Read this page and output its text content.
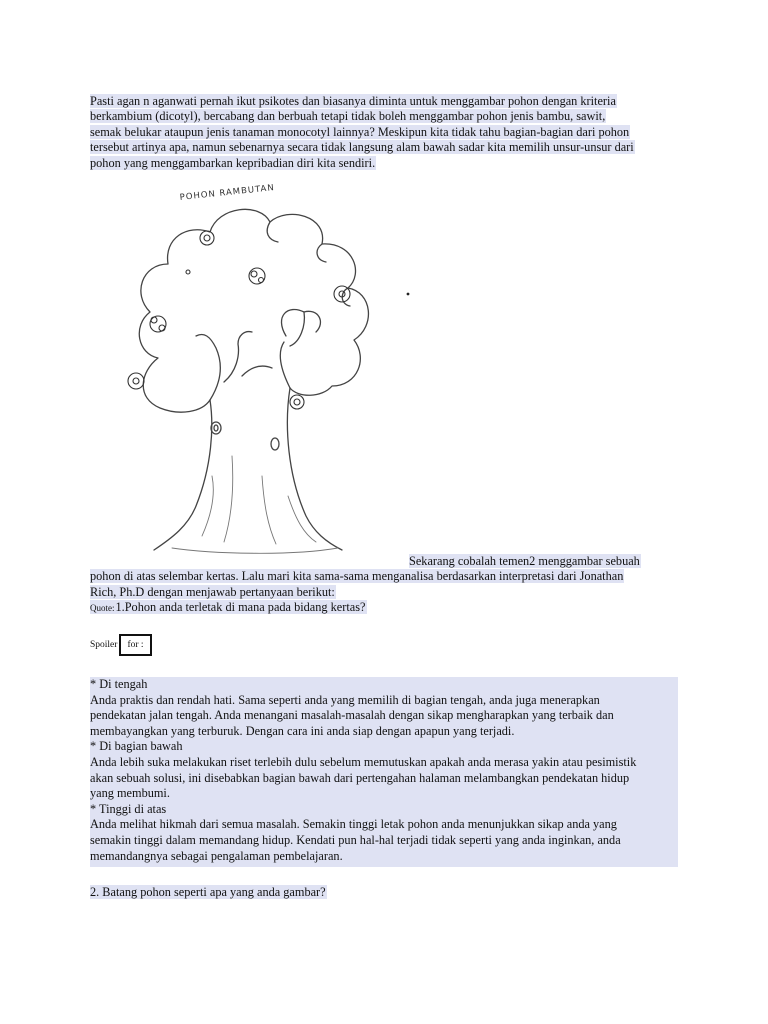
Pasti agan n aganwati pernah ikut psikotes dan biasanya diminta untuk menggambar pohon dengan kriteria
berkambium (dicotyl), bercabang dan berbuah tetapi tidak boleh menggambar pohon jenis bambu, sawit,
semak belukar ataupun jenis tanaman monocotyl lainnya? Meskipun kita tidak tahu bagian-bagian dari pohon
tersebut artinya apa, namun sebenarnya secara tidak langsung alam bawah sadar kita memilih unsur-unsur dari
pohon yang menggambarkan kepribadian diri kita sendiri.
POHON RAMBUTAN
Sekarang cobalah temen2 menggambar sebuah
pohon di atas selembar kertas. Lalu mari kita sama-sama menganalisa berdasarkan interpretasi dari Jonathan
Rich, Ph.D dengan menjawab pertanyaan berikut:
Quote:1.Pohon anda terletak di mana pada bidang kertas?
Spoiler	for :
* Di tengah
Anda praktis dan rendah hati. Sama seperti anda yang memilih di bagian tengah, anda juga menerapkan
pendekatan jalan tengah. Anda menangani masalah-masalah dengan sikap mengharapkan yang terbaik dan
membayangkan yang terburuk. Dengan cara ini anda siap dengan apapun yang terjadi.
* Di bagian bawah
Anda lebih suka melakukan riset terlebih dulu sebelum memutuskan apakah anda merasa yakin atau pesimistik
akan sebuah solusi, ini disebabkan bagian bawah dari pertengahan halaman melambangkan pendekatan hidup
yang membumi.
* Tinggi di atas
Anda melihat hikmah dari semua masalah. Semakin tinggi letak pohon anda menunjukkan sikap anda yang
semakin tinggi dalam memandang hidup. Kendati pun hal-hal terjadi tidak seperti yang anda inginkan, anda
memandangnya sebagai pengalaman pembelajaran.
2. Batang pohon seperti apa yang anda gambar?
